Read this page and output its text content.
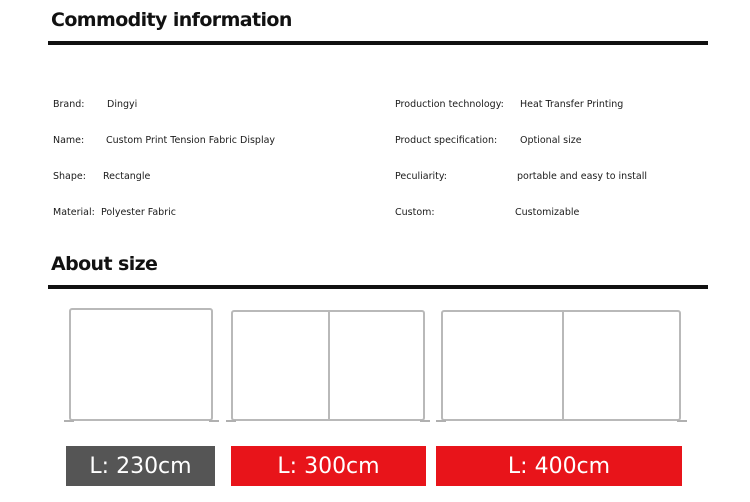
Commodity information
Brand: Dingyi
Name: Custom Print Tension Fabric Display
Shape: Rectangle
Material: Polyester Fabric
Production technology: Heat Transfer Printing
Product specification: Optional size
Peculiarity:	portable and easy to install
Custom:	Customizable
About size
L: 230cm	L: 300cm	L: 400cm
